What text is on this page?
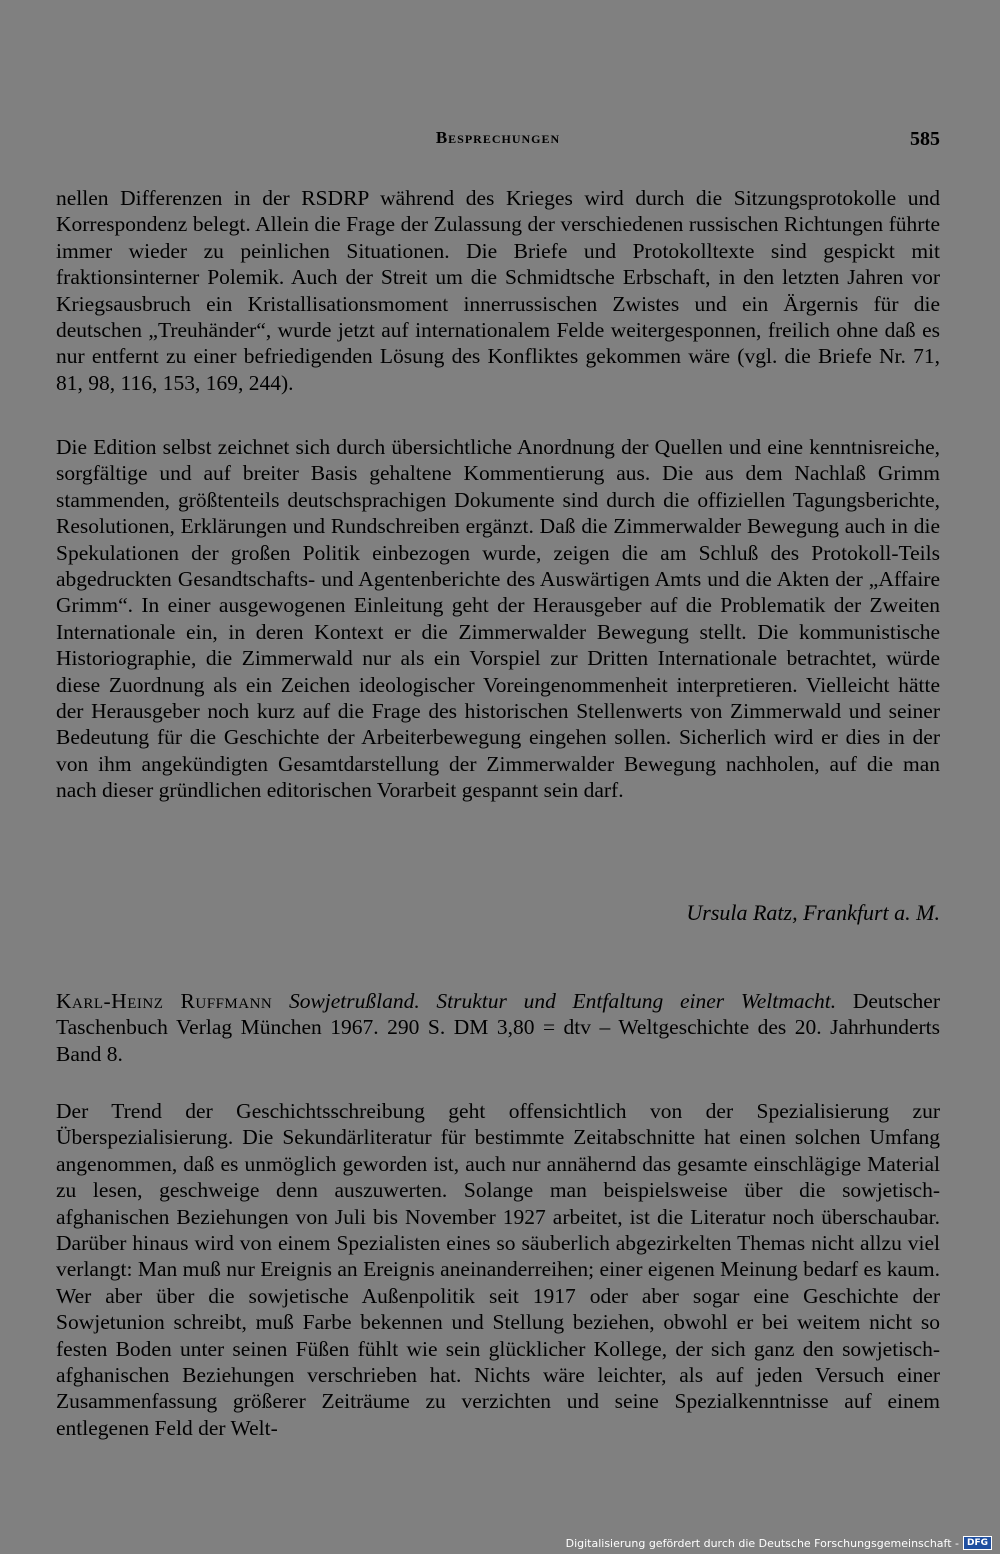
Besprechungen	585
nellen Differenzen in der RSDRP während des Krieges wird durch die Sitzungsprotokolle und Korrespondenz belegt. Allein die Frage der Zulassung der verschiedenen russischen Richtungen führte immer wieder zu peinlichen Situationen. Die Briefe und Protokolltexte sind gespickt mit fraktionsinterner Polemik. Auch der Streit um die Schmidtsche Erbschaft, in den letzten Jahren vor Kriegsausbruch ein Kristallisationsmoment innerrussischen Zwistes und ein Ärgernis für die deutschen „Treuhänder“, wurde jetzt auf internationalem Felde weitergesponnen, freilich ohne daß es nur entfernt zu einer befriedigenden Lösung des Konfliktes gekommen wäre (vgl. die Briefe Nr. 71, 81, 98, 116, 153, 169, 244).
Die Edition selbst zeichnet sich durch übersichtliche Anordnung der Quellen und eine kenntnisreiche, sorgfältige und auf breiter Basis gehaltene Kommentierung aus. Die aus dem Nachlaß Grimm stammenden, größtenteils deutschsprachigen Dokumente sind durch die offiziellen Tagungsberichte, Resolutionen, Erklärungen und Rundschreiben ergänzt. Daß die Zimmerwalder Bewegung auch in die Spekulationen der großen Politik einbezogen wurde, zeigen die am Schluß des Protokoll-Teils abgedruckten Gesandtschafts- und Agentenberichte des Auswärtigen Amts und die Akten der „Affaire Grimm“. In einer ausgewogenen Einleitung geht der Herausgeber auf die Problematik der Zweiten Internationale ein, in deren Kontext er die Zimmerwalder Bewegung stellt. Die kommunistische Historiographie, die Zimmerwald nur als ein Vorspiel zur Dritten Internationale betrachtet, würde diese Zuordnung als ein Zeichen ideologischer Voreingenommenheit interpretieren. Vielleicht hätte der Herausgeber noch kurz auf die Frage des historischen Stellenwerts von Zimmerwald und seiner Bedeutung für die Geschichte der Arbeiterbewegung eingehen sollen. Sicherlich wird er dies in der von ihm angekündigten Gesamtdarstellung der Zimmerwalder Bewegung nachholen, auf die man nach dieser gründlichen editorischen Vorarbeit gespannt sein darf.
Ursula Ratz, Frankfurt a. M.
Karl-Heinz Ruffmann Sowjetrußland. Struktur und Entfaltung einer Weltmacht. Deutscher Taschenbuch Verlag München 1967. 290 S. DM 3,80 = dtv – Weltgeschichte des 20. Jahrhunderts Band 8.
Der Trend der Geschichtsschreibung geht offensichtlich von der Spezialisierung zur Überspezialisierung. Die Sekundärliteratur für bestimmte Zeitabschnitte hat einen solchen Umfang angenommen, daß es unmöglich geworden ist, auch nur annähernd das gesamte einschlägige Material zu lesen, geschweige denn auszuwerten. Solange man beispielsweise über die sowjetisch-afghanischen Beziehungen von Juli bis November 1927 arbeitet, ist die Literatur noch überschaubar. Darüber hinaus wird von einem Spezialisten eines so säuberlich abgezirkelten Themas nicht allzu viel verlangt: Man muß nur Ereignis an Ereignis aneinanderreihen; einer eigenen Meinung bedarf es kaum. Wer aber über die sowjetische Außenpolitik seit 1917 oder aber sogar eine Geschichte der Sowjetunion schreibt, muß Farbe bekennen und Stellung beziehen, obwohl er bei weitem nicht so festen Boden unter seinen Füßen fühlt wie sein glücklicher Kollege, der sich ganz den sowjetisch-afghanischen Beziehungen verschrieben hat. Nichts wäre leichter, als auf jeden Versuch einer Zusammenfassung größerer Zeiträume zu verzichten und seine Spezialkenntnisse auf einem entlegenen Feld der Welt-
Digitalisierung gefördert durch die Deutsche Forschungsgemeinschaft - DFG
